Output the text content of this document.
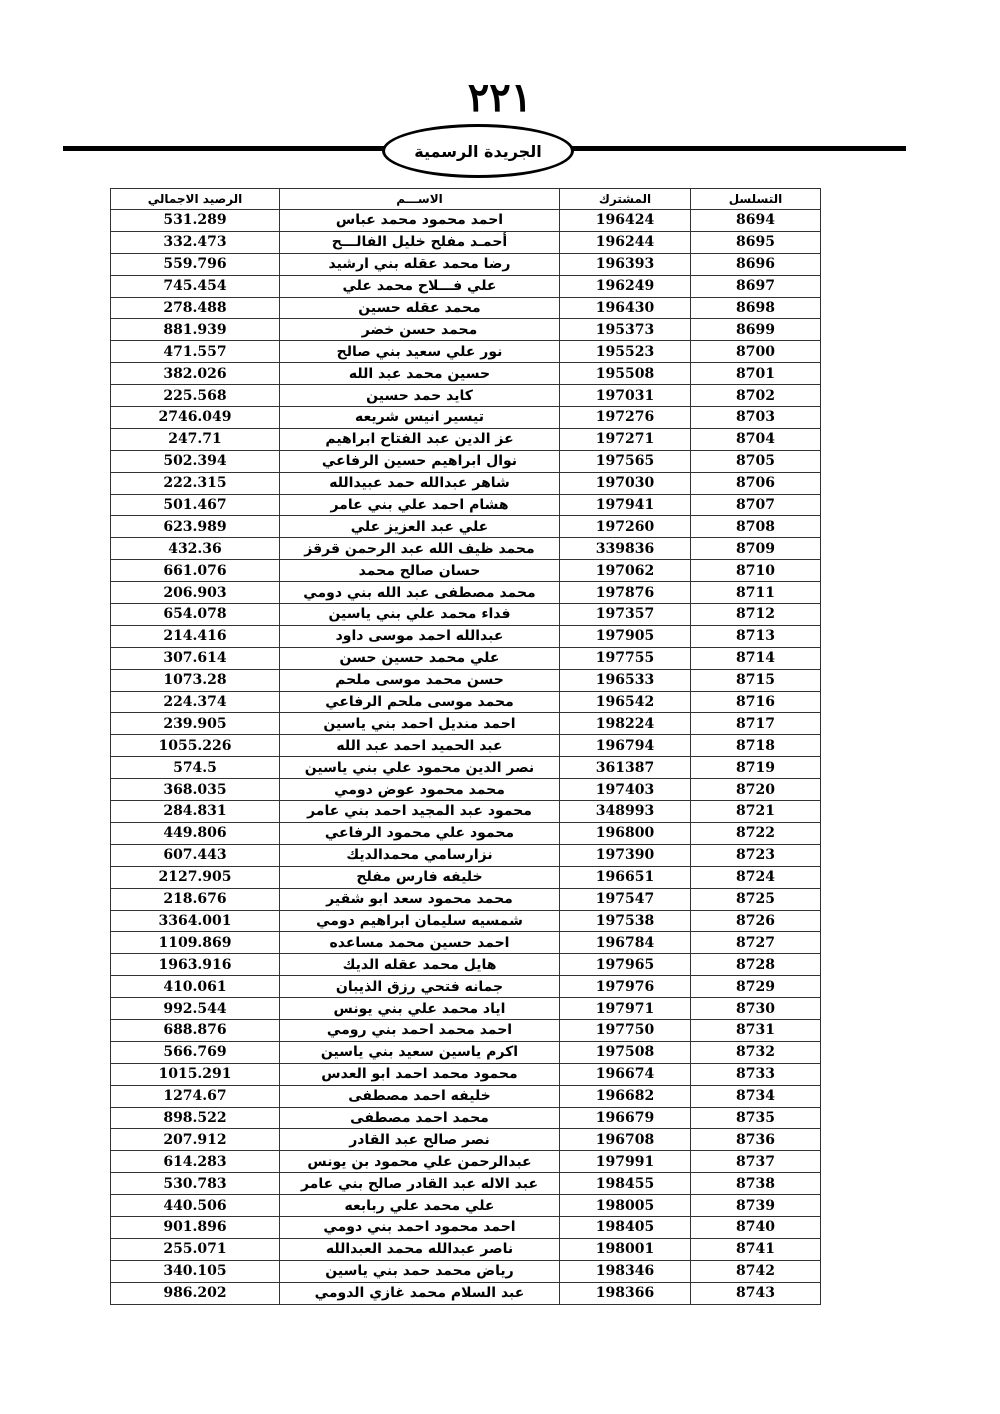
٢٢١
الجريدة الرسمية
التسلسل	المشترك	الاســـم	الرصيد الاجمالي
8694	196424	احمد محمود محمد عباس	531.289
8695	196244	أحمـد مفلح خليل الفالـــح	332.473
8696	196393	رضا محمد عقله بني ارشيد	559.796
8697	196249	علي فـــلاح محمد علي	745.454
8698	196430	محمد عقله حسين	278.488
8699	195373	محمد حسن خضر	881.939
8700	195523	نور علي سعيد بني صالح	471.557
8701	195508	حسين محمد عبد الله	382.026
8702	197031	كايد حمد حسين	225.568
8703	197276	تيسير انيس شريعه	2746.049
8704	197271	عز الدين عبد الفتاح ابراهيم	247.71
8705	197565	نوال ابراهيم حسين الرفاعي	502.394
8706	197030	شاهر عبدالله حمد عبيدالله	222.315
8707	197941	هشام احمد علي بني عامر	501.467
8708	197260	علي عبد العزيز علي	623.989
8709	339836	محمد ظيف الله عبد الرحمن قرقز	432.36
8710	197062	حسان صالح محمد	661.076
8711	197876	محمد مصطفى عبد الله بني دومي	206.903
8712	197357	فداء محمد علي بني ياسين	654.078
8713	197905	عبدالله احمد موسى داود	214.416
8714	197755	علي محمد حسين حسن	307.614
8715	196533	حسن محمد موسى ملحم	1073.28
8716	196542	محمد موسى ملحم الرفاعي	224.374
8717	198224	احمد منديل احمد بني ياسين	239.905
8718	196794	عبد الحميد احمد عبد الله	1055.226
8719	361387	نصر الدين محمود علي بني ياسين	574.5
8720	197403	محمد محمود عوض دومي	368.035
8721	348993	محمود عبد المجيد احمد بني عامر	284.831
8722	196800	محمود علي محمود الرفاعي	449.806
8723	197390	نزارسامي محمدالديك	607.443
8724	196651	خليفه فارس مفلح	2127.905
8725	197547	محمد محمود سعد ابو شقير	218.676
8726	197538	شمسيه سليمان ابراهيم دومي	3364.001
8727	196784	احمد حسين محمد مساعده	1109.869
8728	197965	هايل محمد عقله الديك	1963.916
8729	197976	جمانه فتحي رزق الذيبان	410.061
8730	197971	اياد محمد علي بني يونس	992.544
8731	197750	احمد محمد احمد بني رومي	688.876
8732	197508	اكرم ياسين سعيد بني ياسين	566.769
8733	196674	محمود محمد احمد ابو العدس	1015.291
8734	196682	خليفه احمد مصطفى	1274.67
8735	196679	محمد احمد مصطفى	898.522
8736	196708	نصر صالح عبد القادر	207.912
8737	197991	عبدالرحمن علي محمود بن يونس	614.283
8738	198455	عبد الاله عبد القادر صالح بني عامر	530.783
8739	198005	علي محمد علي ربابعه	440.506
8740	198405	احمد محمود احمد بني دومي	901.896
8741	198001	ناصر عبدالله محمد العبدالله	255.071
8742	198346	رياض محمد حمد بني ياسين	340.105
8743	198366	عبد السلام محمد غازي الدومي	986.202
